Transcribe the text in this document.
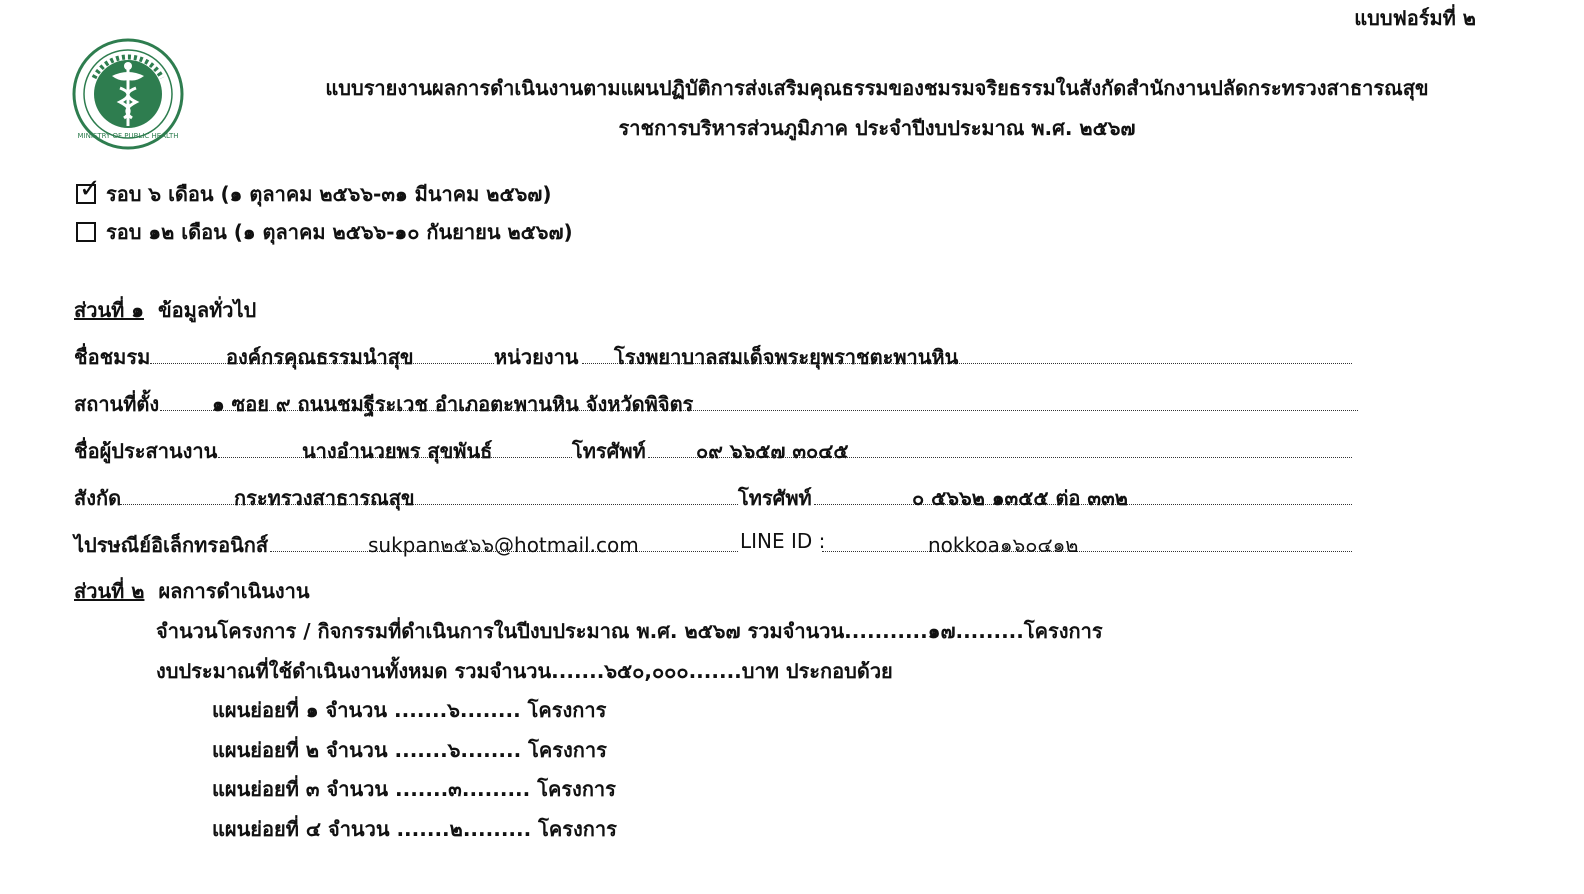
แบบฟอร์มที่ ๒
MINISTRY OF PUBLIC HEALTH
แบบรายงานผลการดำเนินงานตามแผนปฏิบัติการส่งเสริมคุณธรรมของชมรมจริยธรรมในสังกัดสำนักงานปลัดกระทรวงสาธารณสุข
ราชการบริหารส่วนภูมิภาค ประจำปีงบประมาณ พ.ศ. ๒๕๖๗
✓ รอบ ๖ เดือน (๑ ตุลาคม ๒๕๖๖-๓๑ มีนาคม ๒๕๖๗)
รอบ ๑๒ เดือน (๑ ตุลาคม ๒๕๖๖-๑๐ กันยายน ๒๕๖๗)
ส่วนที่ ๑ ข้อมูลทั่วไป
ชื่อชมรม	องค์กรคุณธรรมนำสุข	หน่วยงาน โรงพยาบาลสมเด็จพระยุพราชตะพานหิน
สถานที่ตั้ง	๑ ซอย ๙ ถนนชมฐีระเวช อำเภอตะพานหิน จังหวัดพิจิตร
ชื่อผู้ประสานงาน	นางอำนวยพร สุขพันธ์	โทรศัพท์	๐๙ ๖๖๕๗ ๓๐๔๕
สังกัด	กระทรวงสาธารณสุข	โทรศัพท์	๐ ๕๖๖๒ ๑๓๕๕ ต่อ ๓๓๒
ไปรษณีย์อิเล็กทรอนิกส์	sukpan๒๕๖๖@hotmail.com	LINE ID :	nokkoa๑๖๐๔๑๒
ส่วนที่ ๒ ผลการดำเนินงาน
จำนวนโครงการ / กิจกรรมที่ดำเนินการในปีงบประมาณ พ.ศ. ๒๕๖๗ รวมจำนวน...........๑๗.........โครงการ
งบประมาณที่ใช้ดำเนินงานทั้งหมด รวมจำนวน.......๖๕๐,๐๐๐.......บาท ประกอบด้วย
แผนย่อยที่ ๑ จำนวน .......๖........ โครงการ
แผนย่อยที่ ๒ จำนวน .......๖........ โครงการ
แผนย่อยที่ ๓ จำนวน .......๓......... โครงการ
แผนย่อยที่ ๔ จำนวน .......๒......... โครงการ
